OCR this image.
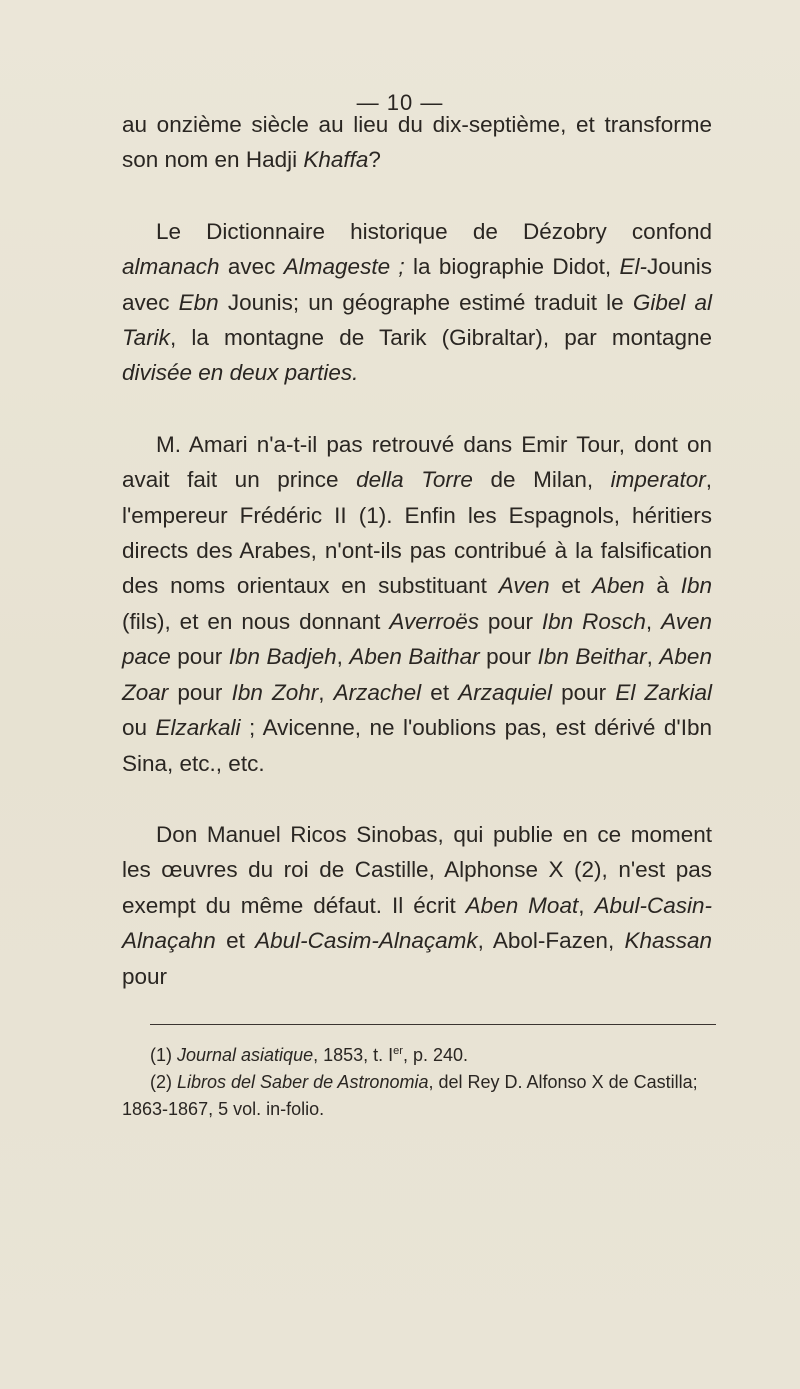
— 10 —

au onzième siècle au lieu du dix-septième, et transforme son nom en Hadji Khaffa?

Le Dictionnaire historique de Dézobry confond almanach avec Almageste ; la biographie Didot, El-Jounis avec Ebn Jounis; un géographe estimé traduit le Gibel al Tarik, la montagne de Tarik (Gibraltar), par montagne divisée en deux parties.

M. Amari n'a-t-il pas retrouvé dans Emir Tour, dont on avait fait un prince della Torre de Milan, imperator, l'empereur Frédéric II (1). Enfin les Espagnols, héritiers directs des Arabes, n'ont-ils pas contribué à la falsification des noms orientaux en substituant Aven et Aben à Ibn (fils), et en nous donnant Averroës pour Ibn Rosch, Aven pace pour Ibn Badjeh, Aben Baithar pour Ibn Beithar, Aben Zoar pour Ibn Zohr, Arzachel et Arzaquiel pour El Zarkial ou Elzarkali ; Avicenne, ne l'oublions pas, est dérivé d'Ibn Sina, etc., etc.

Don Manuel Ricos Sinobas, qui publie en ce moment les œuvres du roi de Castille, Alphonse X (2), n'est pas exempt du même défaut. Il écrit Aben Moat, Abul-Casin-Alnaçahn et Abul-Casim-Alnaçamk, Abol-Fazen, Khassan pour

(1) Journal asiatique, 1853, t. Ier, p. 240.

(2) Libros del Saber de Astronomia, del Rey D. Alfonso X de Castilla; 1863-1867, 5 vol. in-folio.
